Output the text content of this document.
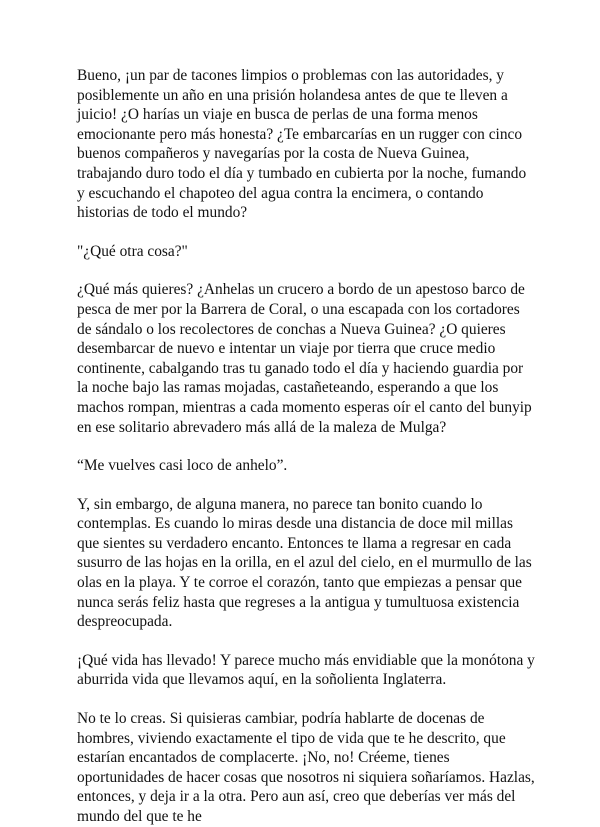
Bueno, ¡un par de tacones limpios o problemas con las autoridades, y posiblemente un año en una prisión holandesa antes de que te lleven a juicio! ¿O harías un viaje en busca de perlas de una forma menos emocionante pero más honesta? ¿Te embarcarías en un rugger con cinco buenos compañeros y navegarías por la costa de Nueva Guinea, trabajando duro todo el día y tumbado en cubierta por la noche, fumando y escuchando el chapoteo del agua contra la encimera, o contando historias de todo el mundo?

"¿Qué otra cosa?"

¿Qué más quieres? ¿Anhelas un crucero a bordo de un apestoso barco de pesca de mer por la Barrera de Coral, o una escapada con los cortadores de sándalo o los recolectores de conchas a Nueva Guinea? ¿O quieres desembarcar de nuevo e intentar un viaje por tierra que cruce medio continente, cabalgando tras tu ganado todo el día y haciendo guardia por la noche bajo las ramas mojadas, castañeteando, esperando a que los machos rompan, mientras a cada momento esperas oír el canto del bunyip en ese solitario abrevadero más allá de la maleza de Mulga?

“Me vuelves casi loco de anhelo”.

Y, sin embargo, de alguna manera, no parece tan bonito cuando lo contemplas. Es cuando lo miras desde una distancia de doce mil millas que sientes su verdadero encanto. Entonces te llama a regresar en cada susurro de las hojas en la orilla, en el azul del cielo, en el murmullo de las olas en la playa. Y te corroe el corazón, tanto que empiezas a pensar que nunca serás feliz hasta que regreses a la antigua y tumultuosa existencia despreocupada.

¡Qué vida has llevado! Y parece mucho más envidiable que la monótona y aburrida vida que llevamos aquí, en la soñolienta Inglaterra.

No te lo creas. Si quisieras cambiar, podría hablarte de docenas de hombres, viviendo exactamente el tipo de vida que te he descrito, que estarían encantados de complacerte. ¡No, no! Créeme, tienes oportunidades de hacer cosas que nosotros ni siquiera soñaríamos. Hazlas, entonces, y deja ir a la otra. Pero aun así, creo que deberías ver más del mundo del que te he
